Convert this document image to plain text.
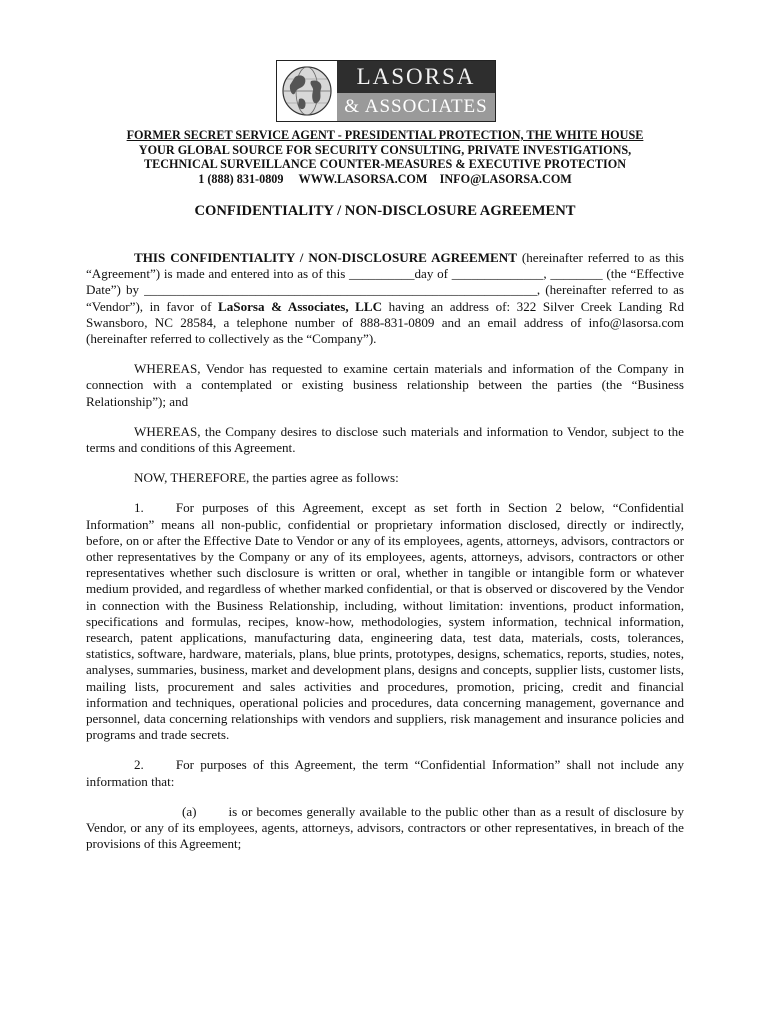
LASORSA
& ASSOCIATES
FORMER SECRET SERVICE AGENT - PRESIDENTIAL PROTECTION, THE WHITE HOUSE
YOUR GLOBAL SOURCE FOR SECURITY CONSULTING, PRIVATE INVESTIGATIONS,
TECHNICAL SURVEILLANCE COUNTER-MEASURES & EXECUTIVE PROTECTION
1 (888) 831-0809 WWW.LASORSA.COM INFO@LASORSA.COM
CONFIDENTIALITY / NON-DISCLOSURE AGREEMENT

THIS CONFIDENTIALITY / NON-DISCLOSURE AGREEMENT (hereinafter referred to as this “Agreement”) is made and entered into as of this __________day of ______________, ________ (the “Effective Date”) by ____________________________________________________________, (hereinafter referred to as “Vendor”), in favor of LaSorsa & Associates, LLC having an address of: 322 Silver Creek Landing Rd Swansboro, NC 28584, a telephone number of 888-831-0809 and an email address of info@lasorsa.com (hereinafter referred to collectively as the “Company”).

WHEREAS, Vendor has requested to examine certain materials and information of the Company in connection with a contemplated or existing business relationship between the parties (the “Business Relationship”); and

WHEREAS, the Company desires to disclose such materials and information to Vendor, subject to the terms and conditions of this Agreement.

NOW, THEREFORE, the parties agree as follows:

1. For purposes of this Agreement, except as set forth in Section 2 below, “Confidential Information” means all non-public, confidential or proprietary information disclosed, directly or indirectly, before, on or after the Effective Date to Vendor or any of its employees, agents, attorneys, advisors, contractors or other representatives by the Company or any of its employees, agents, attorneys, advisors, contractors or other representatives whether such disclosure is written or oral, whether in tangible or intangible form or whatever medium provided, and regardless of whether marked confidential, or that is observed or discovered by the Vendor in connection with the Business Relationship, including, without limitation: inventions, product information, specifications and formulas, recipes, know-how, methodologies, system information, technical information, research, patent applications, manufacturing data, engineering data, test data, materials, costs, tolerances, statistics, software, hardware, materials, plans, blue prints, prototypes, designs, schematics, reports, studies, notes, analyses, summaries, business, market and development plans, designs and concepts, supplier lists, customer lists, mailing lists, procurement and sales activities and procedures, promotion, pricing, credit and financial information and techniques, operational policies and procedures, data concerning management, governance and personnel, data concerning relationships with vendors and suppliers, risk management and insurance policies and programs and trade secrets.

2. For purposes of this Agreement, the term “Confidential Information” shall not include any information that:

(a) is or becomes generally available to the public other than as a result of disclosure by Vendor, or any of its employees, agents, attorneys, advisors, contractors or other representatives, in breach of the provisions of this Agreement;
